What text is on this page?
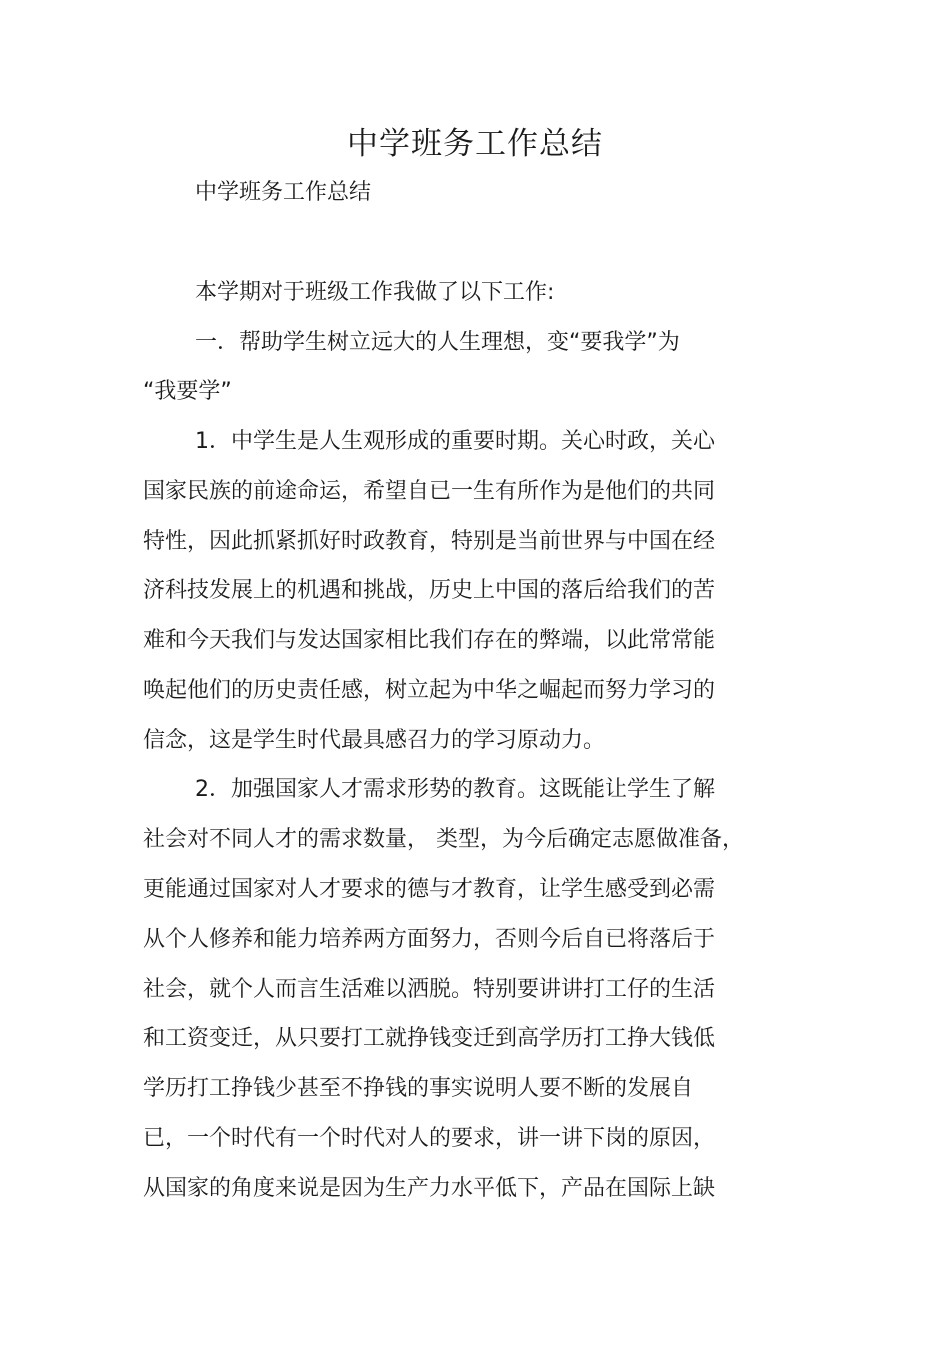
中学班务工作总结

中学班务工作总结

本学期对于班级工作我做了以下工作:

一．帮助学生树立远大的人生理想，变“要我学”为

“我要学”

1．中学生是人生观形成的重要时期。关心时政，关心

国家民族的前途命运，希望自已一生有所作为是他们的共同

特性，因此抓紧抓好时政教育，特别是当前世界与中国在经

济科技发展上的机遇和挑战，历史上中国的落后给我们的苦

难和今天我们与发达国家相比我们存在的弊端，以此常常能

唤起他们的历史责任感，树立起为中华之崛起而努力学习的

信念，这是学生时代最具感召力的学习原动力。

2．加强国家人才需求形势的教育。这既能让学生了解

社会对不同人才的需求数量， 类型，为今后确定志愿做准备，

更能通过国家对人才要求的德与才教育，让学生感受到必需

从个人修养和能力培养两方面努力，否则今后自已将落后于

社会，就个人而言生活难以洒脱。特别要讲讲打工仔的生活

和工资变迁，从只要打工就挣钱变迁到高学历打工挣大钱低

学历打工挣钱少甚至不挣钱的事实说明人要不断的发展自

已，一个时代有一个时代对人的要求，讲一讲下岗的原因，

从国家的角度来说是因为生产力水平低下，产品在国际上缺
